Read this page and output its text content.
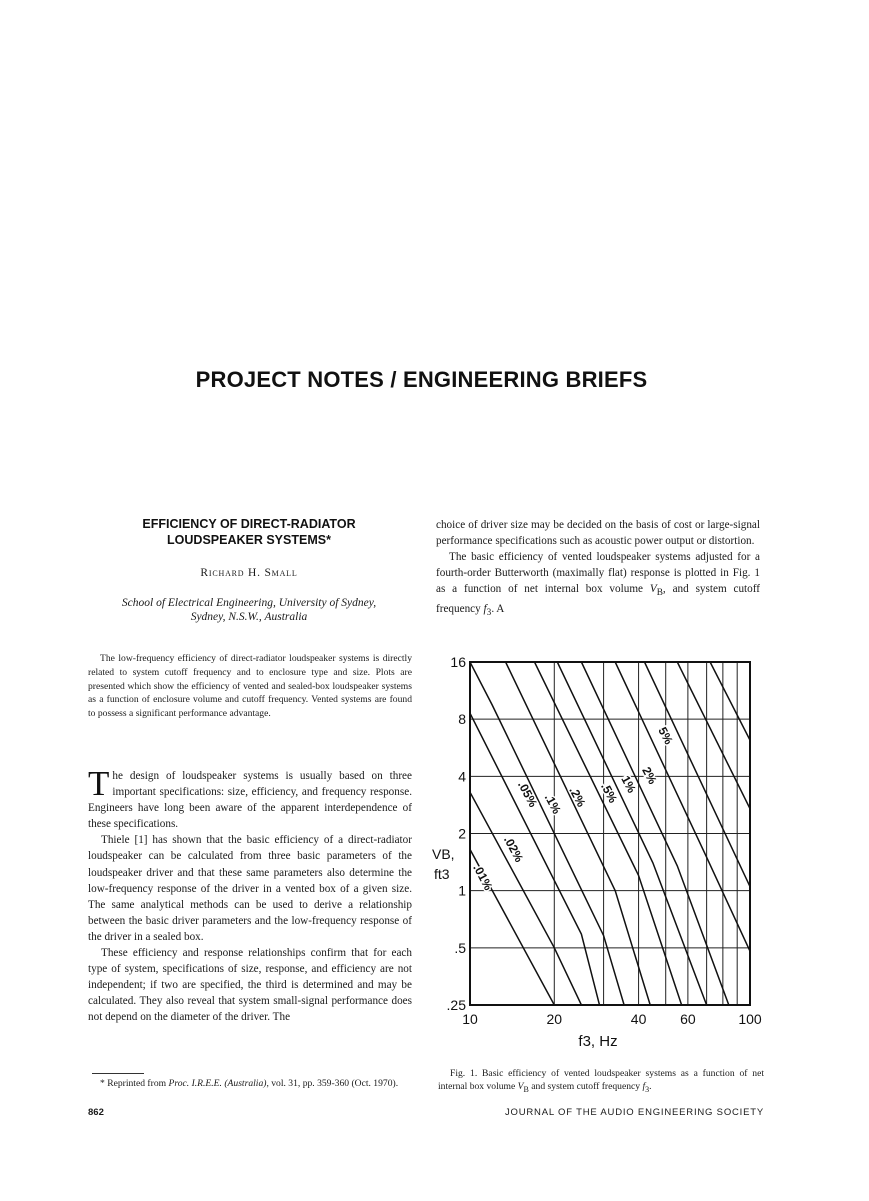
PROJECT NOTES / ENGINEERING BRIEFS
EFFICIENCY OF DIRECT-RADIATOR
LOUDSPEAKER SYSTEMS*
Richard H. Small
School of Electrical Engineering, University of Sydney,
Sydney, N.S.W., Australia

The low-frequency efficiency of direct-radiator loudspeaker systems is directly related to system cutoff frequency and to enclosure type and size. Plots are presented which show the efficiency of vented and sealed-box loudspeaker systems as a function of enclosure volume and cutoff frequency. Vented systems are found to possess a significant performance advantage.

The design of loudspeaker systems is usually based on three important specifications: size, efficiency, and frequency response. Engineers have long been aware of the apparent interdependence of these specifications.

Thiele [1] has shown that the basic efficiency of a direct-radiator loudspeaker can be calculated from three basic parameters of the loudspeaker driver and that these same parameters also determine the low-frequency response of the driver in a vented box of a given size. The same analytical methods can be used to derive a relationship between the basic driver parameters and the low-frequency response of the driver in a sealed box.

These efficiency and response relationships confirm that for each type of system, specifications of size, response, and efficiency are not independent; if two are specified, the third is determined and may be calculated. They also reveal that system small-signal performance does not depend on the diameter of the driver. The

* Reprinted from Proc. I.R.E.E. (Australia), vol. 31, pp. 359-360 (Oct. 1970).

862

choice of driver size may be decided on the basis of cost or large-signal performance specifications such as acoustic power output or distortion.

The basic efficiency of vented loudspeaker systems adjusted for a fourth-order Butterworth (maximally flat) response is plotted in Fig. 1 as a function of net internal box volume $V_B$, and system cutoff frequency $f_3$. A

.01%
.02%
.05% .1% .2% .5%
1% 2%
5%
16
8
4
2
1
.5
.25
10	20	40 60	100
VB,
ft3
f3, Hz

Fig. 1. Basic efficiency of vented loudspeaker systems as a function of net internal box volume $V_B$ and system cutoff frequency $f_3$.

JOURNAL OF THE AUDIO ENGINEERING SOCIETY
